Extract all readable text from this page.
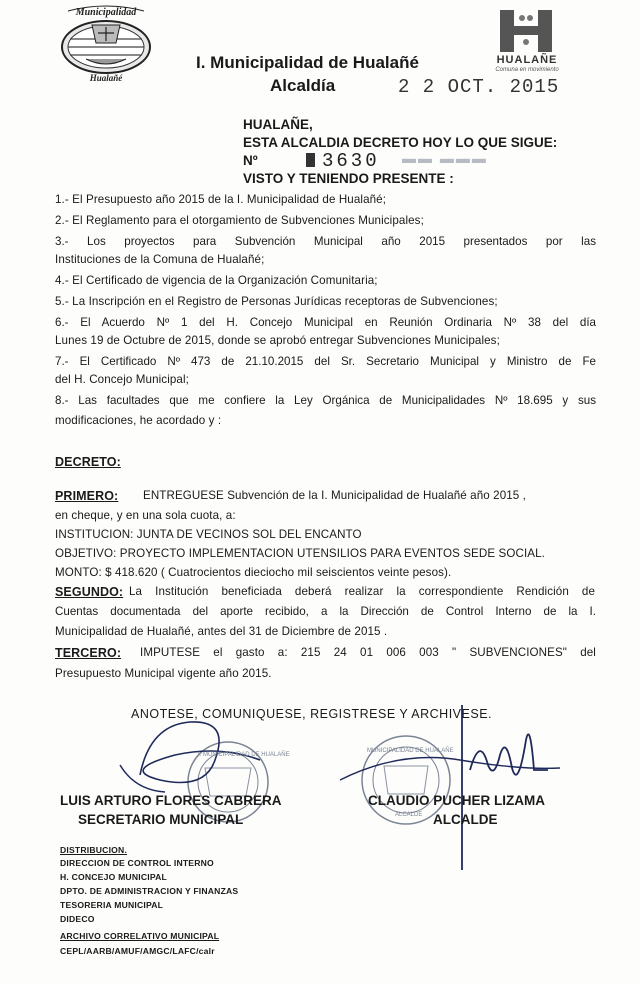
Municipalidad
Hualañé
I. Municipalidad de Hualañé
Alcaldía	2 2 OCT. 2015
HUALAÑE
Comuna en movimiento
HUALAÑE,
ESTA ALCALDIA DECRETO HOY LO QUE SIGUE:
Nº	3630 ▬▬ ▬▬▬
VISTO Y TENIENDO PRESENTE :
1.- El Presupuesto año 2015 de la I. Municipalidad de Hualañé;
2.- El Reglamento para el otorgamiento de Subvenciones Municipales;
3.- Los proyectos para Subvención Municipal año 2015 presentados por las
Instituciones de la Comuna de Hualañé;
4.- El Certificado de vigencia de la Organización Comunitaria;
5.- La Inscripción en el Registro de Personas Jurídicas receptoras de Subvenciones;
6.- El Acuerdo Nº 1 del H. Concejo Municipal en Reunión Ordinaria Nº 38 del día
Lunes 19 de Octubre de 2015, donde se aprobó entregar Subvenciones Municipales;
7.- El Certificado Nº 473 de 21.10.2015 del Sr. Secretario Municipal y Ministro de Fe
del H. Concejo Municipal;
8.- Las facultades que me confiere la Ley Orgánica de Municipalidades Nº 18.695 y sus
modificaciones, he acordado y :
DECRETO:
PRIMERO: ENTREGUESE Subvención de la I. Municipalidad de Hualañé año 2015 ,
en cheque, y en una sola cuota, a:
INSTITUCION: JUNTA DE VECINOS SOL DEL ENCANTO
OBJETIVO: PROYECTO IMPLEMENTACION UTENSILIOS PARA EVENTOS SEDE SOCIAL.
MONTO: $ 418.620 ( Cuatrocientos dieciocho mil seiscientos veinte pesos).
SEGUNDO: La Institución beneficiada deberá realizar la correspondiente Rendición de
Cuentas documentada del aporte recibido, a la Dirección de Control Interno de la I.
Municipalidad de Hualañé, antes del 31 de Diciembre de 2015 .
TERCERO: IMPUTESE el gasto a: 215 24 01 006 003 " SUBVENCIONES" del
Presupuesto Municipal vigente año 2015.
ANOTESE, COMUNIQUESE, REGISTRESE Y ARCHIVESE.
I. MUNICIPALIDAD DE HUALAÑE
MUNICIPALIDAD DE HUALAÑE
ALCALDE
LUIS ARTURO FLORES CABRERA
SECRETARIO MUNICIPAL
CLAUDIO PUCHER LIZAMA
ALCALDE
DISTRIBUCION.
DIRECCION DE CONTROL INTERNO
H. CONCEJO MUNICIPAL
DPTO. DE ADMINISTRACION Y FINANZAS
TESORERIA MUNICIPAL
DIDECO
ARCHIVO CORRELATIVO MUNICIPAL
CEPL/AARB/AMUF/AMGC/LAFC/calr
